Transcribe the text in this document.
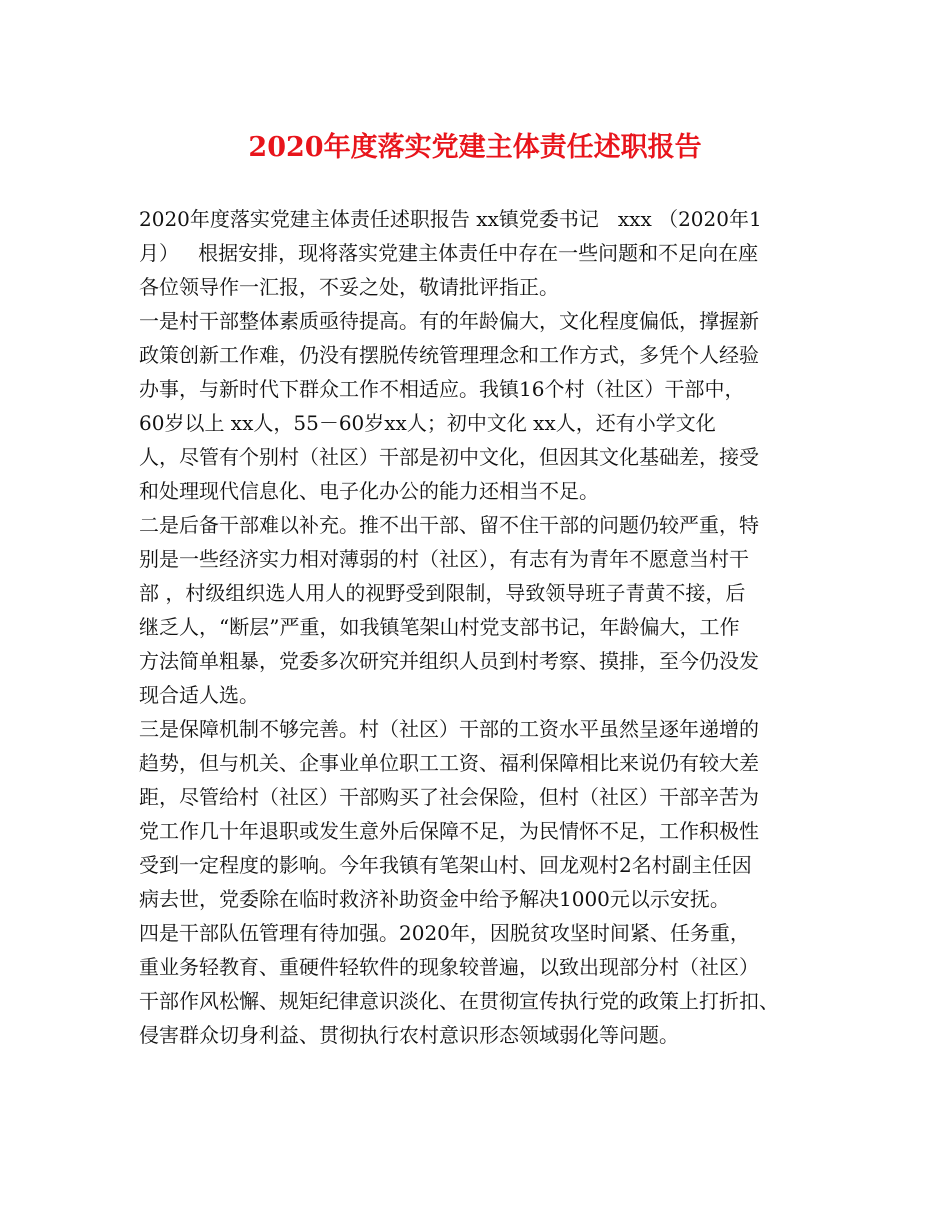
2020年度落实党建主体责任述职报告
2020年度落实党建主体责任述职报告 xx镇党委书记   xxx （2020年1
月）   根据安排，现将落实党建主体责任中存在一些问题和不足向在座
各位领导作一汇报，不妥之处，敬请批评指正。
一是村干部整体素质亟待提高。有的年龄偏大，文化程度偏低，撑握新
政策创新工作难，仍没有摆脱传统管理理念和工作方式，多凭个人经验
办事，与新时代下群众工作不相适应。我镇16个村（社区）干部中，
60岁以上 xx人，55－60岁xx人；初中文化 xx人，还有小学文化
人，尽管有个别村（社区）干部是初中文化，但因其文化基础差，接受
和处理现代信息化、电子化办公的能力还相当不足。
二是后备干部难以补充。推不出干部、留不住干部的问题仍较严重，特
别是一些经济实力相对薄弱的村（社区），有志有为青年不愿意当村干
部 ，村级组织选人用人的视野受到限制，导致领导班子青黄不接，后
继乏人，“断层”严重，如我镇笔架山村党支部书记，年龄偏大，工作
方法简单粗暴，党委多次研究并组织人员到村考察、摸排，至今仍没发
现合适人选。
三是保障机制不够完善。村（社区）干部的工资水平虽然呈逐年递增的
趋势，但与机关、企事业单位职工工资、福利保障相比来说仍有较大差
距，尽管给村（社区）干部购买了社会保险，但村（社区）干部辛苦为
党工作几十年退职或发生意外后保障不足，为民情怀不足，工作积极性
受到一定程度的影响。今年我镇有笔架山村、回龙观村2名村副主任因
病去世，党委除在临时救济补助资金中给予解决1000元以示安抚。
四是干部队伍管理有待加强。2020年，因脱贫攻坚时间紧、任务重，
重业务轻教育、重硬件轻软件的现象较普遍，以致出现部分村（社区）
干部作风松懈、规矩纪律意识淡化、在贯彻宣传执行党的政策上打折扣、
侵害群众切身利益、贯彻执行农村意识形态领域弱化等问题。
